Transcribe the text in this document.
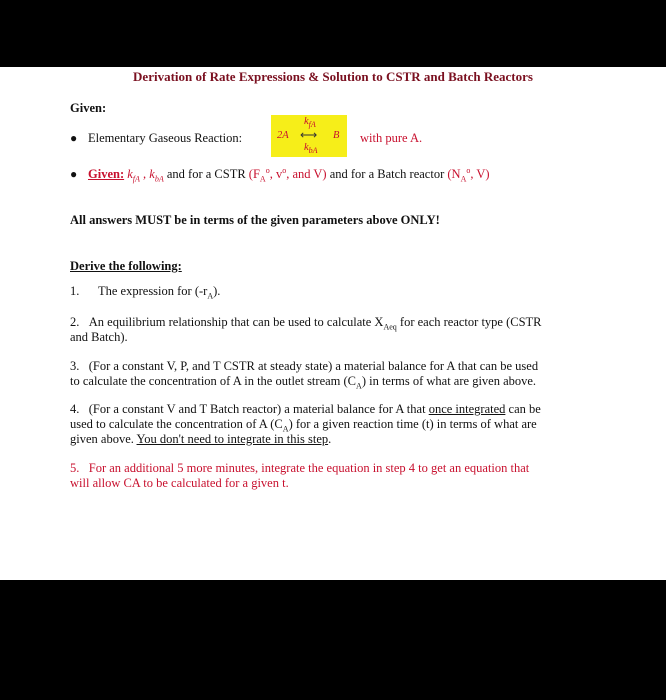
Derivation of Rate Expressions & Solution to CSTR and Batch Reactors
Given:
● Elementary Gaseous Reaction:
$k_{fA}$
2A ⟷ B
$k_{bA}$
with pure A.
● Given: $k_{fA}$ , $k_{bA}$ and for a CSTR ($F_A^o$, $v^o$, and V) and for a Batch reactor ($N_A^o$, V)
All answers MUST be in terms of the given parameters above ONLY!
Derive the following:
1. The expression for $(-r_A)$.
2.   An equilibrium relationship that can be used to calculate $X_{Aeq}$ for each reactor type (CSTR
and Batch).
3. (For a constant V, P, and T CSTR at steady state) a material balance for A that can be used
to calculate the concentration of A in the outlet stream $(C_A)$ in terms of what are given above.
4. (For a constant V and T Batch reactor) a material balance for A that once integrated can be
used to calculate the concentration of A $(C_A)$ for a given reaction time (t) in terms of what are
given above. You don't need to integrate in this step.
5. For an additional 5 more minutes, integrate the equation in step 4 to get an equation that
will allow CA to be calculated for a given t.
